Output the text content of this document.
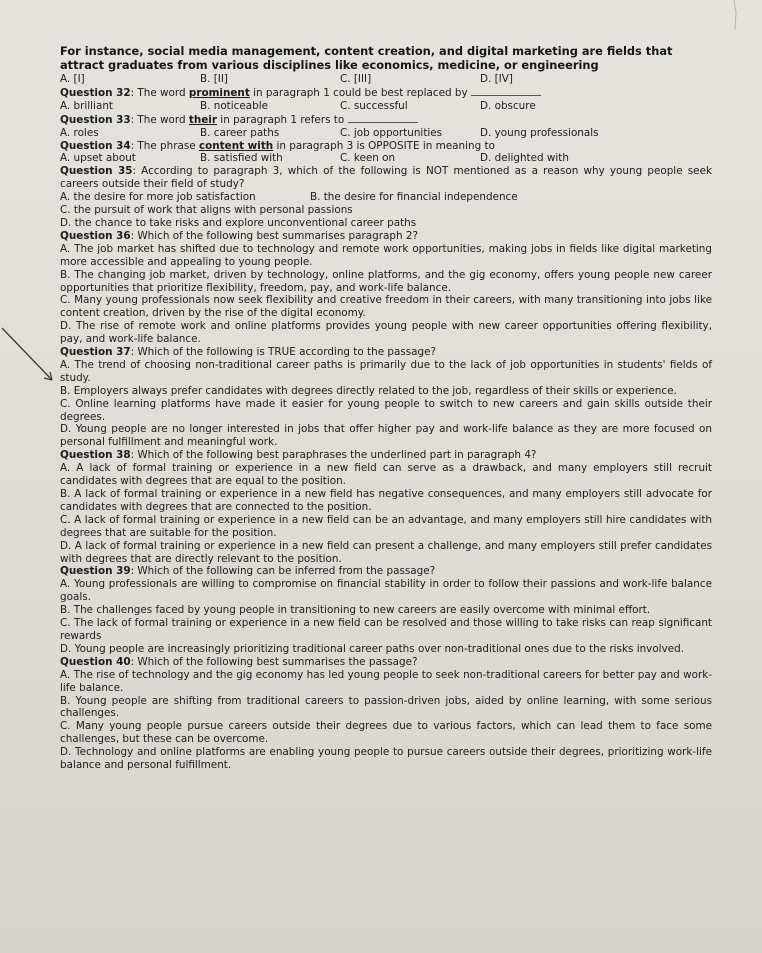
For instance, social media management, content creation, and digital marketing are fields that attract graduates from various disciplines like economics, medicine, or engineering
A. [I]	B. [II]	C. [III]	D. [IV]
Question 32: The word prominent in paragraph 1 could be best replaced by
A. brilliant	B. noticeable	C. successful	D. obscure
Question 33: The word their in paragraph 1 refers to
A. roles	B. career paths	C. job opportunities	D. young professionals
Question 34: The phrase content with in paragraph 3 is OPPOSITE in meaning to
A. upset about	B. satisfied with	C. keen on	D. delighted with
Question 35: According to paragraph 3, which of the following is NOT mentioned as a reason why young people seek careers outside their field of study?
A. the desire for more job satisfaction	B. the desire for financial independence
C. the pursuit of work that aligns with personal passions
D. the chance to take risks and explore unconventional career paths
Question 36: Which of the following best summarises paragraph 2?
A. The job market has shifted due to technology and remote work opportunities, making jobs in fields like digital marketing more accessible and appealing to young people.
B. The changing job market, driven by technology, online platforms, and the gig economy, offers young people new career opportunities that prioritize flexibility, freedom, pay, and work-life balance.
C. Many young professionals now seek flexibility and creative freedom in their careers, with many transitioning into jobs like content creation, driven by the rise of the digital economy.
D. The rise of remote work and online platforms provides young people with new career opportunities offering flexibility, pay, and work-life balance.
Question 37: Which of the following is TRUE according to the passage?
A. The trend of choosing non-traditional career paths is primarily due to the lack of job opportunities in students' fields of study.
B. Employers always prefer candidates with degrees directly related to the job, regardless of their skills or experience.
C. Online learning platforms have made it easier for young people to switch to new careers and gain skills outside their degrees.
D. Young people are no longer interested in jobs that offer higher pay and work-life balance as they are more focused on personal fulfillment and meaningful work.
Question 38: Which of the following best paraphrases the underlined part in paragraph 4?
A. A lack of formal training or experience in a new field can serve as a drawback, and many employers still recruit candidates with degrees that are equal to the position.
B. A lack of formal training or experience in a new field has negative consequences, and many employers still advocate for candidates with degrees that are connected to the position.
C. A lack of formal training or experience in a new field can be an advantage, and many employers still hire candidates with degrees that are suitable for the position.
D. A lack of formal training or experience in a new field can present a challenge, and many employers still prefer candidates with degrees that are directly relevant to the position.
Question 39: Which of the following can be inferred from the passage?
A. Young professionals are willing to compromise on financial stability in order to follow their passions and work-life balance goals.
B. The challenges faced by young people in transitioning to new careers are easily overcome with minimal effort.
C. The lack of formal training or experience in a new field can be resolved and those willing to take risks can reap significant rewards
D. Young people are increasingly prioritizing traditional career paths over non-traditional ones due to the risks involved.
Question 40: Which of the following best summarises the passage?
A. The rise of technology and the gig economy has led young people to seek non-traditional careers for better pay and work-life balance.
B. Young people are shifting from traditional careers to passion-driven jobs, aided by online learning, with some serious challenges.
C. Many young people pursue careers outside their degrees due to various factors, which can lead them to face some challenges, but these can be overcome.
D. Technology and online platforms are enabling young people to pursue careers outside their degrees, prioritizing work-life balance and personal fulfillment.
